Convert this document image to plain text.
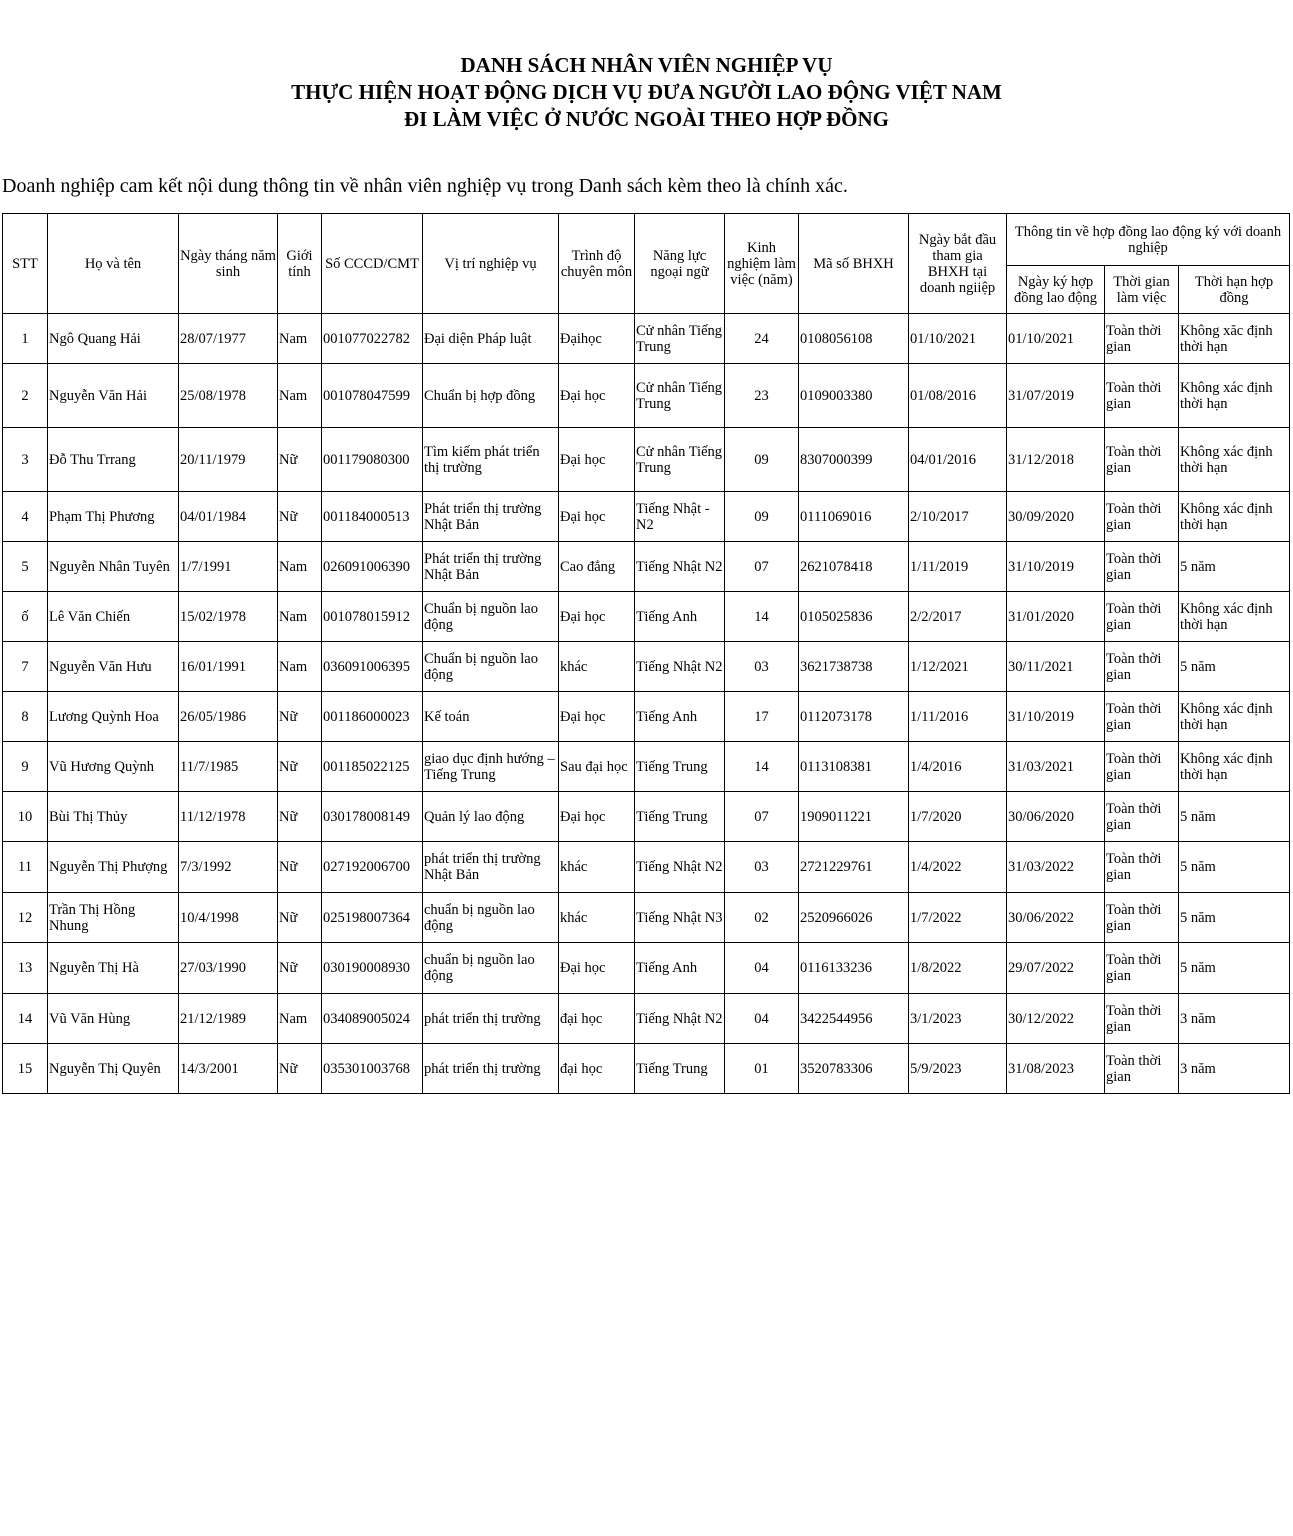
DANH SÁCH NHÂN VIÊN NGHIỆP VỤ
THỰC HIỆN HOẠT ĐỘNG DỊCH VỤ ĐƯA NGƯỜI LAO ĐỘNG VIỆT NAM
ĐI LÀM VIỆC Ở NƯỚC NGOÀI THEO HỢP ĐỒNG
Doanh nghiệp cam kết nội dung thông tin về nhân viên nghiệp vụ trong Danh sách kèm theo là chính xác.
STT	Họ và tên	Ngày tháng năm sinh	Giới tính	Số CCCD/CMT	Vị trí nghiệp vụ	Trình độ chuyên môn	Năng lực ngoại ngữ	Kinh nghiệm làm việc (năm)	Mã số BHXH	Ngày bắt đầu tham gia BHXH tại doanh ngiiệp	Thông tin về hợp đồng lao động ký với doanh nghiệp		
											Ngày ký hợp đồng lao động	Thời gian làm việc	Thời hạn hợp đồng
1	Ngô Quang Hải	28/07/1977	Nam	001077022782	Đại diện Pháp luật	Đạihọc	Cử nhân Tiếng Trung	24	0108056108	01/10/2021	01/10/2021	Toàn thời gian	Không xăc định thời hạn
2	Nguyễn Văn Hải	25/08/1978	Nam	001078047599	Chuẩn bị hợp đồng	Đại học	Cử nhân Tiếng Trung	23	0109003380	01/08/2016	31/07/2019	Toàn thời gian	Không xác định thời hạn
3	Đỗ Thu Trrang	20/11/1979	Nữ	001179080300	Tìm kiếm phát triển thị trường	Đại học	Cử nhân Tiếng Trung	09	8307000399	04/01/2016	31/12/2018	Toàn thời gian	Không xác định thời hạn
4	Phạm Thị Phương	04/01/1984	Nữ	001184000513	Phát triển thị trường Nhật Bản	Đại học	Tiếng Nhật - N2	09	0111069016	2/10/2017	30/09/2020	Toàn thời gian	Không xác định thời hạn
5	Nguyễn Nhân Tuyên	1/7/1991	Nam	026091006390	Phát triển thị trường Nhật Bản	Cao đẳng	Tiếng Nhật N2	07	2621078418	1/11/2019	31/10/2019	Toàn thời gian	5 năm
ố	Lê Văn Chiến	15/02/1978	Nam	001078015912	Chuẩn bị nguồn lao động	Đại học	Tiếng Anh	14	0105025836	2/2/2017	31/01/2020	Toàn thời gian	Không xác định thời hạn
7	Nguyễn Văn Hưu	16/01/1991	Nam	036091006395	Chuẩn bị nguồn lao động	khác	Tiếng Nhật N2	03	3621738738	1/12/2021	30/11/2021	Toàn thời gian	5 năm
8	Lương Quỳnh Hoa	26/05/1986	Nữ	001186000023	Kế toán	Đại học	Tiếng Anh	17	0112073178	1/11/2016	31/10/2019	Toàn thời gian	Không xác định thời hạn
9	Vũ Hương Quỳnh	11/7/1985	Nữ	001185022125	giao dục định hướng – Tiếng Trung	Sau đại học	Tiếng Trung	14	0113108381	1/4/2016	31/03/2021	Toàn thời gian	Không xác định thời hạn
10	Bùi Thị Thủy	11/12/1978	Nữ	030178008149	Quản lý lao động	Đại học	Tiếng Trung	07	1909011221	1/7/2020	30/06/2020	Toàn thời gian	5 năm
11	Nguyễn Thị Phượng	7/3/1992	Nữ	027192006700	phát triển thị trường Nhật Bản	khác	Tiếng Nhật N2	03	2721229761	1/4/2022	31/03/2022	Toàn thời gian	5 năm
12	Trần Thị Hồng Nhung	10/4/1998	Nữ	025198007364	chuẩn bị nguồn lao động	khác	Tiếng Nhật N3	02	2520966026	1/7/2022	30/06/2022	Toàn thời gian	5 năm
13	Nguyễn Thị Hà	27/03/1990	Nữ	030190008930	chuẩn bị nguồn lao động	Đại học	Tiếng Anh	04	0116133236	1/8/2022	29/07/2022	Toàn thời gian	5 năm
14	Vũ Văn Hùng	21/12/1989	Nam	034089005024	phát triển thị trường	đại học	Tiếng Nhật N2	04	3422544956	3/1/2023	30/12/2022	Toàn thời gian	3 năm
15	Nguyễn Thị Quyên	14/3/2001	Nữ	035301003768	phát triển thị trường	đại học	Tiếng Trung	01	3520783306	5/9/2023	31/08/2023	Toàn thời gian	3 năm
